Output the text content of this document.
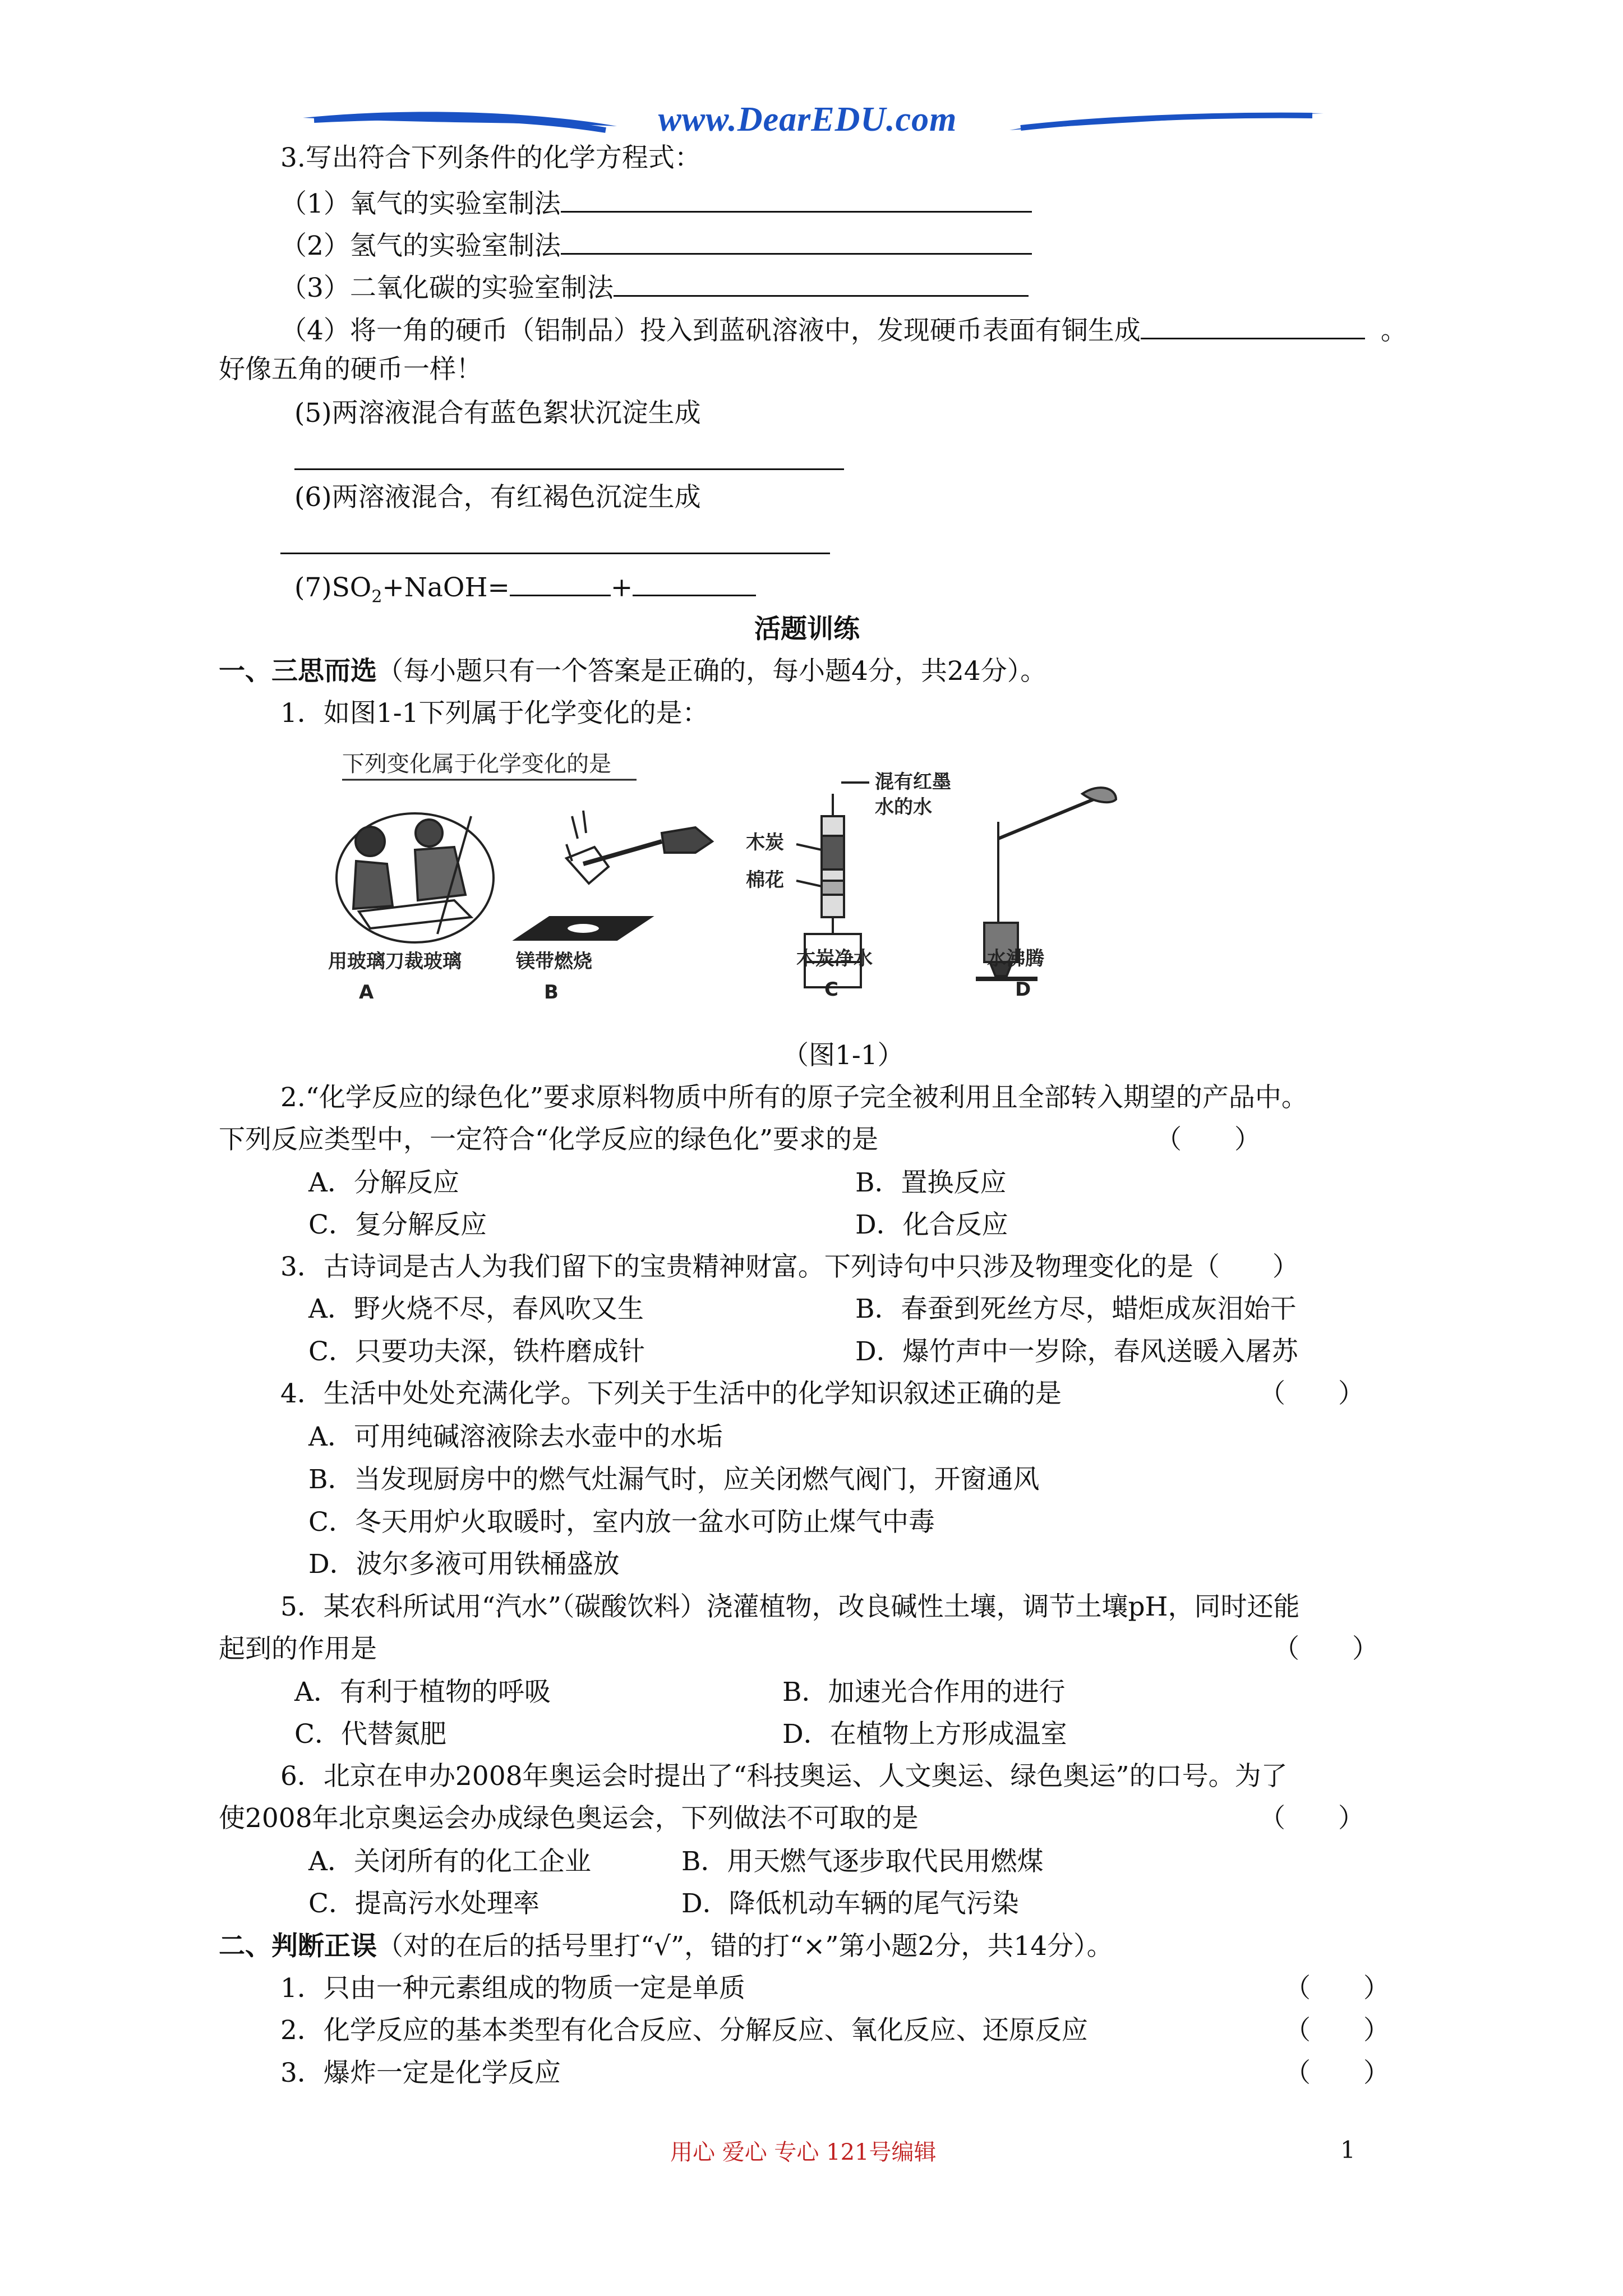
www.DearEDU.com
3.写出符合下列条件的化学方程式：
（1）氧气的实验室制法
（2）氢气的实验室制法
（3）二氧化碳的实验室制法
（4）将一角的硬币（铝制品）投入到蓝矾溶液中，发现硬币表面有铜生成	。
好像五角的硬币一样！
(5)两溶液混合有蓝色絮状沉淀生成
(6)两溶液混合，有红褐色沉淀生成
$(7)SO_2+NaOH=$	+
活题训练
一、三思而选（每小题只有一个答案是正确的，每小题4分，共24分）。
1．如图1-1下列属于化学变化的是：
下列变化属于化学变化的是
混有红墨
水的水
木炭
棉花
用玻璃刀裁玻璃	镁带燃烧	木炭净水	水沸腾
A	B	C	D
（图1-1）
2.“化学反应的绿色化”要求原料物质中所有的原子完全被利用且全部转入期望的产品中。
下列反应类型中，一定符合“化学反应的绿色化”要求的是	（　　）
A．分解反应	B．置换反应
C．复分解反应	D．化合反应
3．古诗词是古人为我们留下的宝贵精神财富。下列诗句中只涉及物理变化的是（　　）
A．野火烧不尽，春风吹又生	B．春蚕到死丝方尽，蜡炬成灰泪始干
C．只要功夫深，铁杵磨成针	D．爆竹声中一岁除，春风送暖入屠苏
4．生活中处处充满化学。下列关于生活中的化学知识叙述正确的是	（　　）
A．可用纯碱溶液除去水壶中的水垢
B．当发现厨房中的燃气灶漏气时，应关闭燃气阀门，开窗通风
C．冬天用炉火取暖时，室内放一盆水可防止煤气中毒
D．波尔多液可用铁桶盛放
5．某农科所试用“汽水”（碳酸饮料）浇灌植物，改良碱性土壤，调节土壤pH，同时还能
起到的作用是	（　　）
A．有利于植物的呼吸	B．加速光合作用的进行
C．代替氮肥	D．在植物上方形成温室
6．北京在申办2008年奥运会时提出了“科技奥运、人文奥运、绿色奥运”的口号。为了
使2008年北京奥运会办成绿色奥运会，下列做法不可取的是	（　　）
A．关闭所有的化工企业	B．用天燃气逐步取代民用燃煤
C．提高污水处理率	D．降低机动车辆的尾气污染
二、判断正误（对的在后的括号里打“√”，错的打“×”第小题2分，共14分）。
1．只由一种元素组成的物质一定是单质	（　　）
2．化学反应的基本类型有化合反应、分解反应、氧化反应、还原反应	（　　）
3．爆炸一定是化学反应	（　　）
用心 爱心 专心 121号编辑	1
